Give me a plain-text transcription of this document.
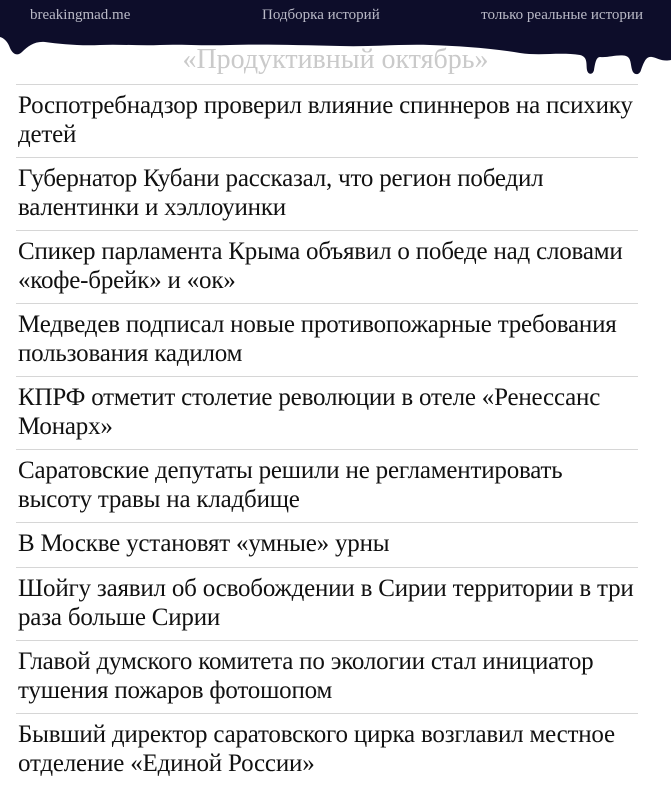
breakingmad.me	Подборка историй	только реальные истории
«Продуктивный октябрь»
Роспотребнадзор проверил влияние спиннеров на психику детей
Губернатор Кубани рассказал, что регион победил валентинки и хэллоуинки
Спикер парламента Крыма объявил о победе над словами «кофе-брейк» и «ок»
Медведев подписал новые противопожарные требования пользования кадилом
КПРФ отметит столетие революции в отеле «Ренессанс Монарх»
Саратовские депутаты решили не регламентировать высоту травы на кладбище
В Москве установят «умные» урны
Шойгу заявил об освобождении в Сирии территории в три раза больше Сирии
Главой думского комитета по экологии стал инициатор тушения пожаров фотошопом
Бывший директор саратовского цирка возглавил местное отделение «Единой России»
